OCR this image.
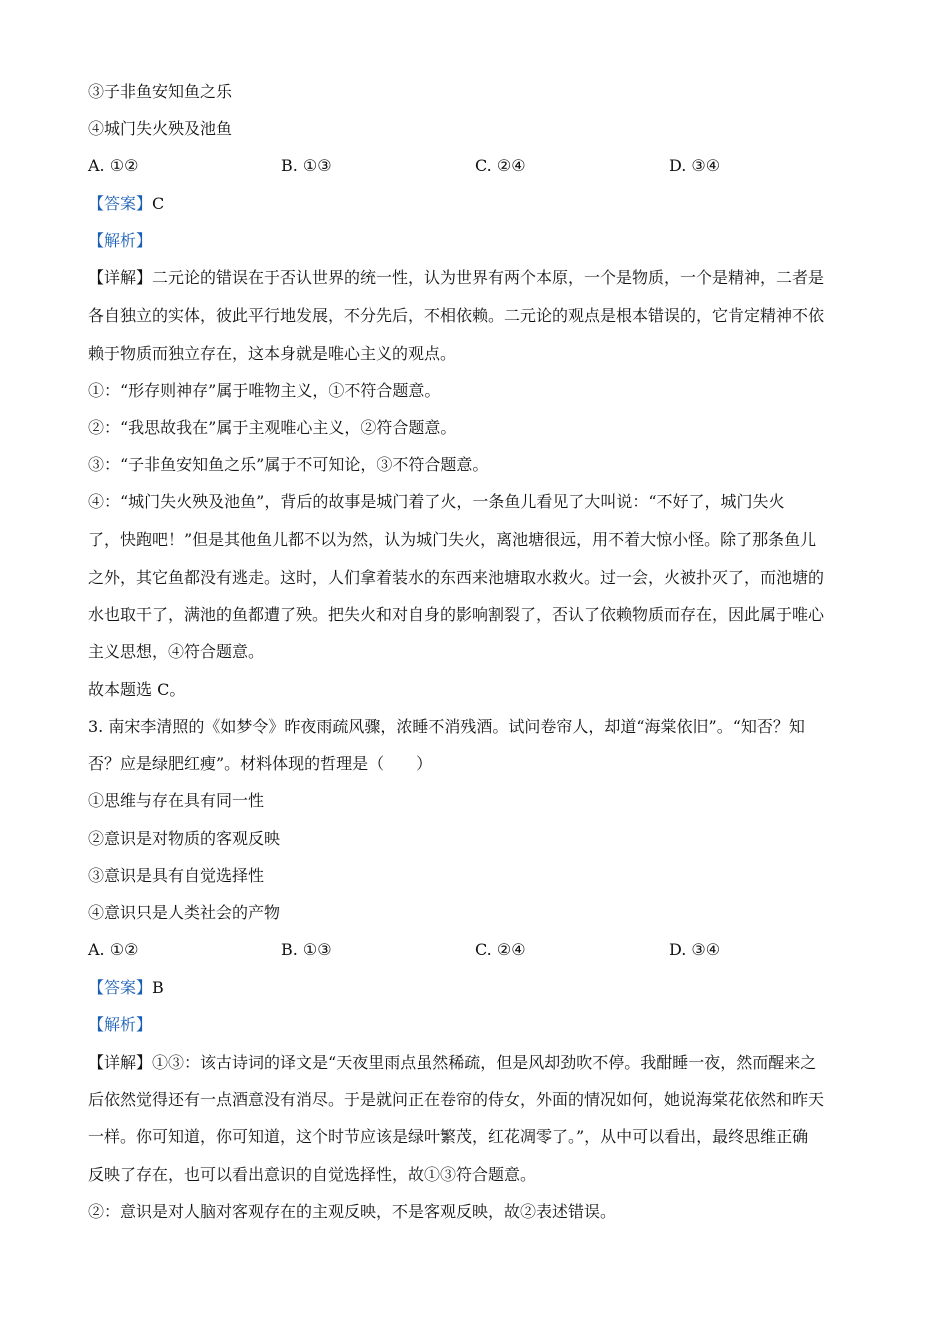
③子非鱼安知鱼之乐
④城门失火殃及池鱼
A. ①②	B. ①③	C. ②④	D. ③④
【答案】C
【解析】
【详解】二元论的错误在于否认世界的统一性，认为世界有两个本原，一个是物质，一个是精神，二者是
各自独立的实体，彼此平行地发展，不分先后，不相依赖。二元论的观点是根本错误的，它肯定精神不依
赖于物质而独立存在，这本身就是唯心主义的观点。
①：“形存则神存”属于唯物主义，①不符合题意。
②：“我思故我在”属于主观唯心主义，②符合题意。
③：“子非鱼安知鱼之乐”属于不可知论，③不符合题意。
④：“城门失火殃及池鱼”，背后的故事是城门着了火，一条鱼儿看见了大叫说：“不好了，城门失火
了，快跑吧！”但是其他鱼儿都不以为然，认为城门失火，离池塘很远，用不着大惊小怪。除了那条鱼儿
之外，其它鱼都没有逃走。这时，人们拿着装水的东西来池塘取水救火。过一会，火被扑灭了，而池塘的
水也取干了，满池的鱼都遭了殃。把失火和对自身的影响割裂了，否认了依赖物质而存在，因此属于唯心
主义思想，④符合题意。
故本题选 C。
3. 南宋李清照的《如梦令》昨夜雨疏风骤，浓睡不消残酒。试问卷帘人，却道“海棠依旧”。“知否？知
否？应是绿肥红瘦”。材料体现的哲理是（　　）
①思维与存在具有同一性
②意识是对物质的客观反映
③意识是具有自觉选择性
④意识只是人类社会的产物
A. ①②	B. ①③	C. ②④	D. ③④
【答案】B
【解析】
【详解】①③：该古诗词的译文是“天夜里雨点虽然稀疏，但是风却劲吹不停。我酣睡一夜，然而醒来之
后依然觉得还有一点酒意没有消尽。于是就问正在卷帘的侍女，外面的情况如何，她说海棠花依然和昨天
一样。你可知道，你可知道，这个时节应该是绿叶繁茂，红花凋零了。”，从中可以看出，最终思维正确
反映了存在，也可以看出意识的自觉选择性，故①③符合题意。
②：意识是对人脑对客观存在的主观反映，不是客观反映，故②表述错误。
